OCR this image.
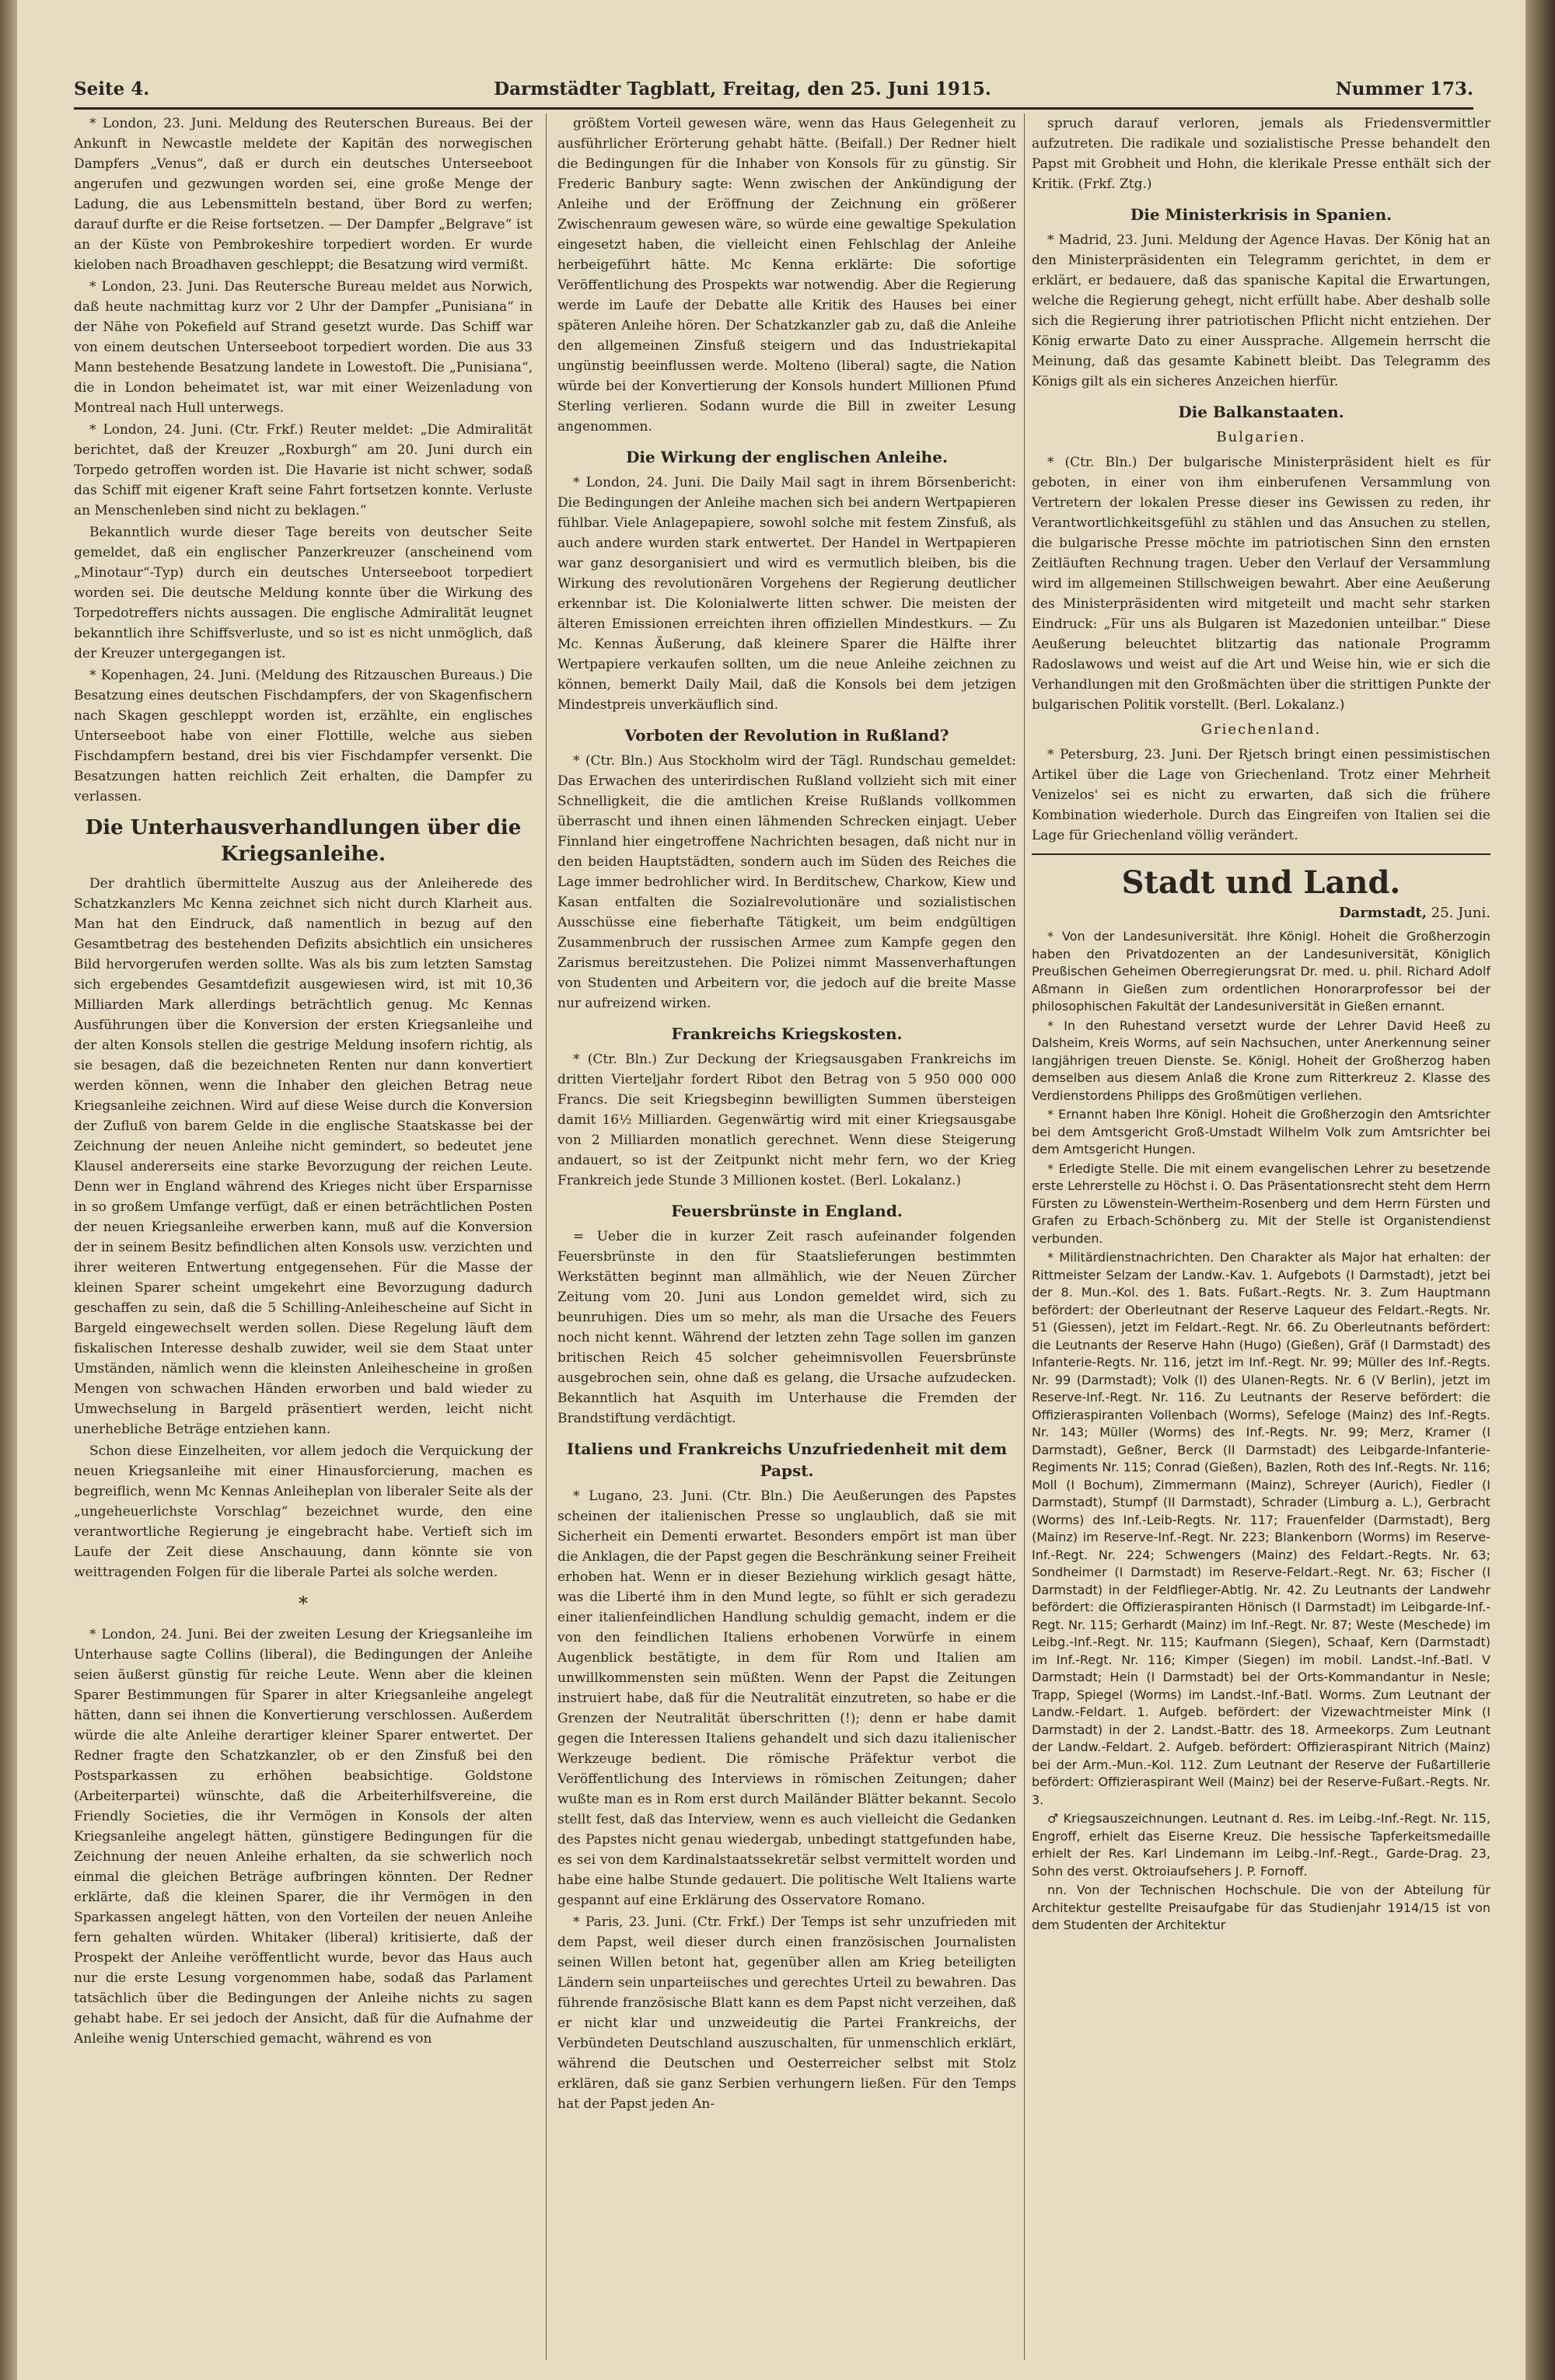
Seite 4.	Darmstädter Tagblatt, Freitag, den 25. Juni 1915.	Nummer 173.

* London, 23. Juni. Meldung des Reuterschen Bureaus. Bei der Ankunft in Newcastle meldete der Kapitän des norwegischen Dampfers „Venus“, daß er durch ein deutsches Unterseeboot angerufen und gezwungen worden sei, eine große Menge der Ladung, die aus Lebensmitteln bestand, über Bord zu werfen; darauf durfte er die Reise fortsetzen. — Der Dampfer „Belgrave“ ist an der Küste von Pembrokeshire torpediert worden. Er wurde kieloben nach Broadhaven geschleppt; die Besatzung wird vermißt.

* London, 23. Juni. Das Reutersche Bureau meldet aus Norwich, daß heute nachmittag kurz vor 2 Uhr der Dampfer „Punisiana“ in der Nähe von Pokefield auf Strand gesetzt wurde. Das Schiff war von einem deutschen Unterseeboot torpediert worden. Die aus 33 Mann bestehende Besatzung landete in Lowestoft. Die „Punisiana“, die in London beheimatet ist, war mit einer Weizenladung von Montreal nach Hull unterwegs.

* London, 24. Juni. (Ctr. Frkf.) Reuter meldet: „Die Admiralität berichtet, daß der Kreuzer „Roxburgh“ am 20. Juni durch ein Torpedo getroffen worden ist. Die Havarie ist nicht schwer, sodaß das Schiff mit eigener Kraft seine Fahrt fortsetzen konnte. Verluste an Menschenleben sind nicht zu beklagen.“

Bekanntlich wurde dieser Tage bereits von deutscher Seite gemeldet, daß ein englischer Panzerkreuzer (anscheinend vom „Minotaur“-Typ) durch ein deutsches Unterseeboot torpediert worden sei. Die deutsche Meldung konnte über die Wirkung des Torpedotreffers nichts aussagen. Die englische Admiralität leugnet bekanntlich ihre Schiffsverluste, und so ist es nicht unmöglich, daß der Kreuzer untergegangen ist.

* Kopenhagen, 24. Juni. (Meldung des Ritzauschen Bureaus.) Die Besatzung eines deutschen Fischdampfers, der von Skagenfischern nach Skagen geschleppt worden ist, erzählte, ein englisches Unterseeboot habe von einer Flottille, welche aus sieben Fischdampfern bestand, drei bis vier Fischdampfer versenkt. Die Besatzungen hatten reichlich Zeit erhalten, die Dampfer zu verlassen.

Die Unterhausverhandlungen über die Kriegsanleihe.

Der drahtlich übermittelte Auszug aus der Anleiherede des Schatzkanzlers Mc Kenna zeichnet sich nicht durch Klarheit aus. Man hat den Eindruck, daß namentlich in bezug auf den Gesamtbetrag des bestehenden Defizits absichtlich ein unsicheres Bild hervorgerufen werden sollte. Was als bis zum letzten Samstag sich ergebendes Gesamtdefizit ausgewiesen wird, ist mit 10,36 Milliarden Mark allerdings beträchtlich genug. Mc Kennas Ausführungen über die Konversion der ersten Kriegsanleihe und der alten Konsols stellen die gestrige Meldung insofern richtig, als sie besagen, daß die bezeichneten Renten nur dann konvertiert werden können, wenn die Inhaber den gleichen Betrag neue Kriegsanleihe zeichnen. Wird auf diese Weise durch die Konversion der Zufluß von barem Gelde in die englische Staatskasse bei der Zeichnung der neuen Anleihe nicht gemindert, so bedeutet jene Klausel andererseits eine starke Bevorzugung der reichen Leute. Denn wer in England während des Krieges nicht über Ersparnisse in so großem Umfange verfügt, daß er einen beträchtlichen Posten der neuen Kriegsanleihe erwerben kann, muß auf die Konversion der in seinem Besitz befindlichen alten Konsols usw. verzichten und ihrer weiteren Entwertung entgegensehen. Für die Masse der kleinen Sparer scheint umgekehrt eine Bevorzugung dadurch geschaffen zu sein, daß die 5 Schilling-Anleihescheine auf Sicht in Bargeld eingewechselt werden sollen. Diese Regelung läuft dem fiskalischen Interesse deshalb zuwider, weil sie dem Staat unter Umständen, nämlich wenn die kleinsten Anleihescheine in großen Mengen von schwachen Händen erworben und bald wieder zu Umwechselung in Bargeld präsentiert werden, leicht nicht unerhebliche Beträge entziehen kann.

Schon diese Einzelheiten, vor allem jedoch die Verquickung der neuen Kriegsanleihe mit einer Hinausforcierung, machen es begreiflich, wenn Mc Kennas Anleiheplan von liberaler Seite als der „ungeheuerlichste Vorschlag“ bezeichnet wurde, den eine verantwortliche Regierung je eingebracht habe. Vertieft sich im Laufe der Zeit diese Anschauung, dann könnte sie von weittragenden Folgen für die liberale Partei als solche werden.

*

* London, 24. Juni. Bei der zweiten Lesung der Kriegsanleihe im Unterhause sagte Collins (liberal), die Bedingungen der Anleihe seien äußerst günstig für reiche Leute. Wenn aber die kleinen Sparer Bestimmungen für Sparer in alter Kriegsanleihe angelegt hätten, dann sei ihnen die Konvertierung verschlossen. Außerdem würde die alte Anleihe derartiger kleiner Sparer entwertet. Der Redner fragte den Schatzkanzler, ob er den Zinsfuß bei den Postsparkassen zu erhöhen beabsichtige. Goldstone (Arbeiterpartei) wünschte, daß die Arbeiterhilfsvereine, die Friendly Societies, die ihr Vermögen in Konsols der alten Kriegsanleihe angelegt hätten, günstigere Bedingungen für die Zeichnung der neuen Anleihe erhalten, da sie schwerlich noch einmal die gleichen Beträge aufbringen könnten. Der Redner erklärte, daß die kleinen Sparer, die ihr Vermögen in den Sparkassen angelegt hätten, von den Vorteilen der neuen Anleihe fern gehalten würden. Whitaker (liberal) kritisierte, daß der Prospekt der Anleihe veröffentlicht wurde, bevor das Haus auch nur die erste Lesung vorgenommen habe, sodaß das Parlament tatsächlich über die Bedingungen der Anleihe nichts zu sagen gehabt habe. Er sei jedoch der Ansicht, daß für die Aufnahme der Anleihe wenig Unterschied gemacht, während es von

größtem Vorteil gewesen wäre, wenn das Haus Gelegenheit zu ausführlicher Erörterung gehabt hätte. (Beifall.) Der Redner hielt die Bedingungen für die Inhaber von Konsols für zu günstig. Sir Frederic Banbury sagte: Wenn zwischen der Ankündigung der Anleihe und der Eröffnung der Zeichnung ein größerer Zwischenraum gewesen wäre, so würde eine gewaltige Spekulation eingesetzt haben, die vielleicht einen Fehlschlag der Anleihe herbeigeführt hätte. Mc Kenna erklärte: Die sofortige Veröffentlichung des Prospekts war notwendig. Aber die Regierung werde im Laufe der Debatte alle Kritik des Hauses bei einer späteren Anleihe hören. Der Schatzkanzler gab zu, daß die Anleihe den allgemeinen Zinsfuß steigern und das Industriekapital ungünstig beeinflussen werde. Molteno (liberal) sagte, die Nation würde bei der Konvertierung der Konsols hundert Millionen Pfund Sterling verlieren. Sodann wurde die Bill in zweiter Lesung angenommen.

Die Wirkung der englischen Anleihe.

* London, 24. Juni. Die Daily Mail sagt in ihrem Börsenbericht: Die Bedingungen der Anleihe machen sich bei andern Wertpapieren fühlbar. Viele Anlagepapiere, sowohl solche mit festem Zinsfuß, als auch andere wurden stark entwertet. Der Handel in Wertpapieren war ganz desorganisiert und wird es vermutlich bleiben, bis die Wirkung des revolutionären Vorgehens der Regierung deutlicher erkennbar ist. Die Kolonialwerte litten schwer. Die meisten der älteren Emissionen erreichten ihren offiziellen Mindestkurs. — Zu Mc. Kennas Äußerung, daß kleinere Sparer die Hälfte ihrer Wertpapiere verkaufen sollten, um die neue Anleihe zeichnen zu können, bemerkt Daily Mail, daß die Konsols bei dem jetzigen Mindestpreis unverkäuflich sind.

Vorboten der Revolution in Rußland?

* (Ctr. Bln.) Aus Stockholm wird der Tägl. Rundschau gemeldet: Das Erwachen des unterirdischen Rußland vollzieht sich mit einer Schnelligkeit, die die amtlichen Kreise Rußlands vollkommen überrascht und ihnen einen lähmenden Schrecken einjagt. Ueber Finnland hier eingetroffene Nachrichten besagen, daß nicht nur in den beiden Hauptstädten, sondern auch im Süden des Reiches die Lage immer bedrohlicher wird. In Berditschew, Charkow, Kiew und Kasan entfalten die Sozialrevolutionäre und sozialistischen Ausschüsse eine fieberhafte Tätigkeit, um beim endgültigen Zusammenbruch der russischen Armee zum Kampfe gegen den Zarismus bereitzustehen. Die Polizei nimmt Massenverhaftungen von Studenten und Arbeitern vor, die jedoch auf die breite Masse nur aufreizend wirken.

Frankreichs Kriegskosten.

* (Ctr. Bln.) Zur Deckung der Kriegsausgaben Frankreichs im dritten Vierteljahr fordert Ribot den Betrag von 5 950 000 000 Francs. Die seit Kriegsbeginn bewilligten Summen übersteigen damit 16½ Milliarden. Gegenwärtig wird mit einer Kriegsausgabe von 2 Milliarden monatlich gerechnet. Wenn diese Steigerung andauert, so ist der Zeitpunkt nicht mehr fern, wo der Krieg Frankreich jede Stunde 3 Millionen kostet. (Berl. Lokalanz.)

Feuersbrünste in England.

= Ueber die in kurzer Zeit rasch aufeinander folgenden Feuersbrünste in den für Staatslieferungen bestimmten Werkstätten beginnt man allmählich, wie der Neuen Zürcher Zeitung vom 20. Juni aus London gemeldet wird, sich zu beunruhigen. Dies um so mehr, als man die Ursache des Feuers noch nicht kennt. Während der letzten zehn Tage sollen im ganzen britischen Reich 45 solcher geheimnisvollen Feuersbrünste ausgebrochen sein, ohne daß es gelang, die Ursache aufzudecken. Bekanntlich hat Asquith im Unterhause die Fremden der Brandstiftung verdächtigt.

Italiens und Frankreichs Unzufriedenheit mit dem Papst.

* Lugano, 23. Juni. (Ctr. Bln.) Die Aeußerungen des Papstes scheinen der italienischen Presse so unglaublich, daß sie mit Sicherheit ein Dementi erwartet. Besonders empört ist man über die Anklagen, die der Papst gegen die Beschränkung seiner Freiheit erhoben hat. Wenn er in dieser Beziehung wirklich gesagt hätte, was die Liberté ihm in den Mund legte, so fühlt er sich geradezu einer italienfeindlichen Handlung schuldig gemacht, indem er die von den feindlichen Italiens erhobenen Vorwürfe in einem Augenblick bestätigte, in dem für Rom und Italien am unwillkommensten sein müßten. Wenn der Papst die Zeitungen instruiert habe, daß für die Neutralität einzutreten, so habe er die Grenzen der Neutralität überschritten (!); denn er habe damit gegen die Interessen Italiens gehandelt und sich dazu italienischer Werkzeuge bedient. Die römische Präfektur verbot die Veröffentlichung des Interviews in römischen Zeitungen; daher wußte man es in Rom erst durch Mailänder Blätter bekannt. Secolo stellt fest, daß das Interview, wenn es auch vielleicht die Gedanken des Papstes nicht genau wiedergab, unbedingt stattgefunden habe, es sei von dem Kardinalstaatssekretär selbst vermittelt worden und habe eine halbe Stunde gedauert. Die politische Welt Italiens warte gespannt auf eine Erklärung des Osservatore Romano.

* Paris, 23. Juni. (Ctr. Frkf.) Der Temps ist sehr unzufrieden mit dem Papst, weil dieser durch einen französischen Journalisten seinen Willen betont hat, gegenüber allen am Krieg beteiligten Ländern sein unparteiisches und gerechtes Urteil zu bewahren. Das führende französische Blatt kann es dem Papst nicht verzeihen, daß er nicht klar und unzweideutig die Partei Frankreichs, der Verbündeten Deutschland auszuschalten, für unmenschlich erklärt, während die Deutschen und Oesterreicher selbst mit Stolz erklären, daß sie ganz Serbien verhungern ließen. Für den Temps hat der Papst jeden An-

spruch darauf verloren, jemals als Friedensvermittler aufzutreten. Die radikale und sozialistische Presse behandelt den Papst mit Grobheit und Hohn, die klerikale Presse enthält sich der Kritik. (Frkf. Ztg.)

Die Ministerkrisis in Spanien.

* Madrid, 23. Juni. Meldung der Agence Havas. Der König hat an den Ministerpräsidenten ein Telegramm gerichtet, in dem er erklärt, er bedauere, daß das spanische Kapital die Erwartungen, welche die Regierung gehegt, nicht erfüllt habe. Aber deshalb solle sich die Regierung ihrer patriotischen Pflicht nicht entziehen. Der König erwarte Dato zu einer Aussprache. Allgemein herrscht die Meinung, daß das gesamte Kabinett bleibt. Das Telegramm des Königs gilt als ein sicheres Anzeichen hierfür.

Die Balkanstaaten.
Bulgarien.

* (Ctr. Bln.) Der bulgarische Ministerpräsident hielt es für geboten, in einer von ihm einberufenen Versammlung von Vertretern der lokalen Presse dieser ins Gewissen zu reden, ihr Verantwortlichkeitsgefühl zu stählen und das Ansuchen zu stellen, die bulgarische Presse möchte im patriotischen Sinn den ernsten Zeitläuften Rechnung tragen. Ueber den Verlauf der Versammlung wird im allgemeinen Stillschweigen bewahrt. Aber eine Aeußerung des Ministerpräsidenten wird mitgeteilt und macht sehr starken Eindruck: „Für uns als Bulgaren ist Mazedonien unteilbar.“ Diese Aeußerung beleuchtet blitzartig das nationale Programm Radoslawows und weist auf die Art und Weise hin, wie er sich die Verhandlungen mit den Großmächten über die strittigen Punkte der bulgarischen Politik vorstellt. (Berl. Lokalanz.)

Griechenland.

* Petersburg, 23. Juni. Der Rjetsch bringt einen pessimistischen Artikel über die Lage von Griechenland. Trotz einer Mehrheit Venizelos' sei es nicht zu erwarten, daß sich die frühere Kombination wiederhole. Durch das Eingreifen von Italien sei die Lage für Griechenland völlig verändert.

Stadt und Land.
Darmstadt, 25. Juni.

* Von der Landesuniversität. Ihre Königl. Hoheit die Großherzogin haben den Privatdozenten an der Landesuniversität, Königlich Preußischen Geheimen Oberregierungsrat Dr. med. u. phil. Richard Adolf Aßmann in Gießen zum ordentlichen Honorarprofessor bei der philosophischen Fakultät der Landesuniversität in Gießen ernannt.

* In den Ruhestand versetzt wurde der Lehrer David Heeß zu Dalsheim, Kreis Worms, auf sein Nachsuchen, unter Anerkennung seiner langjährigen treuen Dienste. Se. Königl. Hoheit der Großherzog haben demselben aus diesem Anlaß die Krone zum Ritterkreuz 2. Klasse des Verdienstordens Philipps des Großmütigen verliehen.

* Ernannt haben Ihre Königl. Hoheit die Großherzogin den Amtsrichter bei dem Amtsgericht Groß-Umstadt Wilhelm Volk zum Amtsrichter bei dem Amtsgericht Hungen.

* Erledigte Stelle. Die mit einem evangelischen Lehrer zu besetzende erste Lehrerstelle zu Höchst i. O. Das Präsentationsrecht steht dem Herrn Fürsten zu Löwenstein-Wertheim-Rosenberg und dem Herrn Fürsten und Grafen zu Erbach-Schönberg zu. Mit der Stelle ist Organistendienst verbunden.

* Militärdienstnachrichten. Den Charakter als Major hat erhalten: der Rittmeister Selzam der Landw.-Kav. 1. Aufgebots (I Darmstadt), jetzt bei der 8. Mun.-Kol. des 1. Bats. Fußart.-Regts. Nr. 3. Zum Hauptmann befördert: der Oberleutnant der Reserve Laqueur des Feldart.-Regts. Nr. 51 (Giessen), jetzt im Feldart.-Regt. Nr. 66. Zu Oberleutnants befördert: die Leutnants der Reserve Hahn (Hugo) (Gießen), Gräf (I Darmstadt) des Infanterie-Regts. Nr. 116, jetzt im Inf.-Regt. Nr. 99; Müller des Inf.-Regts. Nr. 99 (Darmstadt); Volk (I) des Ulanen-Regts. Nr. 6 (V Berlin), jetzt im Reserve-Inf.-Regt. Nr. 116. Zu Leutnants der Reserve befördert: die Offizieraspiranten Vollenbach (Worms), Sefeloge (Mainz) des Inf.-Regts. Nr. 143; Müller (Worms) des Inf.-Regts. Nr. 99; Merz, Kramer (I Darmstadt), Geßner, Berck (II Darmstadt) des Leibgarde-Infanterie-Regiments Nr. 115; Conrad (Gießen), Bazlen, Roth des Inf.-Regts. Nr. 116; Moll (I Bochum), Zimmermann (Mainz), Schreyer (Aurich), Fiedler (I Darmstadt), Stumpf (II Darmstadt), Schrader (Limburg a. L.), Gerbracht (Worms) des Inf.-Leib-Regts. Nr. 117; Frauenfelder (Darmstadt), Berg (Mainz) im Reserve-Inf.-Regt. Nr. 223; Blankenborn (Worms) im Reserve-Inf.-Regt. Nr. 224; Schwengers (Mainz) des Feldart.-Regts. Nr. 63; Sondheimer (I Darmstadt) im Reserve-Feldart.-Regt. Nr. 63; Fischer (I Darmstadt) in der Feldflieger-Abtlg. Nr. 42. Zu Leutnants der Landwehr befördert: die Offizieraspiranten Hönisch (I Darmstadt) im Leibgarde-Inf.-Regt. Nr. 115; Gerhardt (Mainz) im Inf.-Regt. Nr. 87; Weste (Meschede) im Leibg.-Inf.-Regt. Nr. 115; Kaufmann (Siegen), Schaaf, Kern (Darmstadt) im Inf.-Regt. Nr. 116; Kimper (Siegen) im mobil. Landst.-Inf.-Batl. V Darmstadt; Hein (I Darmstadt) bei der Orts-Kommandantur in Nesle; Trapp, Spiegel (Worms) im Landst.-Inf.-Batl. Worms. Zum Leutnant der Landw.-Feldart. 1. Aufgeb. befördert: der Vizewachtmeister Mink (I Darmstadt) in der 2. Landst.-Battr. des 18. Armeekorps. Zum Leutnant der Landw.-Feldart. 2. Aufgeb. befördert: Offizieraspirant Nitrich (Mainz) bei der Arm.-Mun.-Kol. 112. Zum Leutnant der Reserve der Fußartillerie befördert: Offizieraspirant Weil (Mainz) bei der Reserve-Fußart.-Regts. Nr. 3.

♂ Kriegsauszeichnungen. Leutnant d. Res. im Leibg.-Inf.-Regt. Nr. 115, Engroff, erhielt das Eiserne Kreuz. Die hessische Tapferkeitsmedaille erhielt der Res. Karl Lindemann im Leibg.-Inf.-Regt., Garde-Drag. 23, Sohn des verst. Oktroiaufsehers J. P. Fornoff.

nn. Von der Technischen Hochschule. Die von der Abteilung für Architektur gestellte Preisaufgabe für das Studienjahr 1914/15 ist von dem Studenten der Architektur
